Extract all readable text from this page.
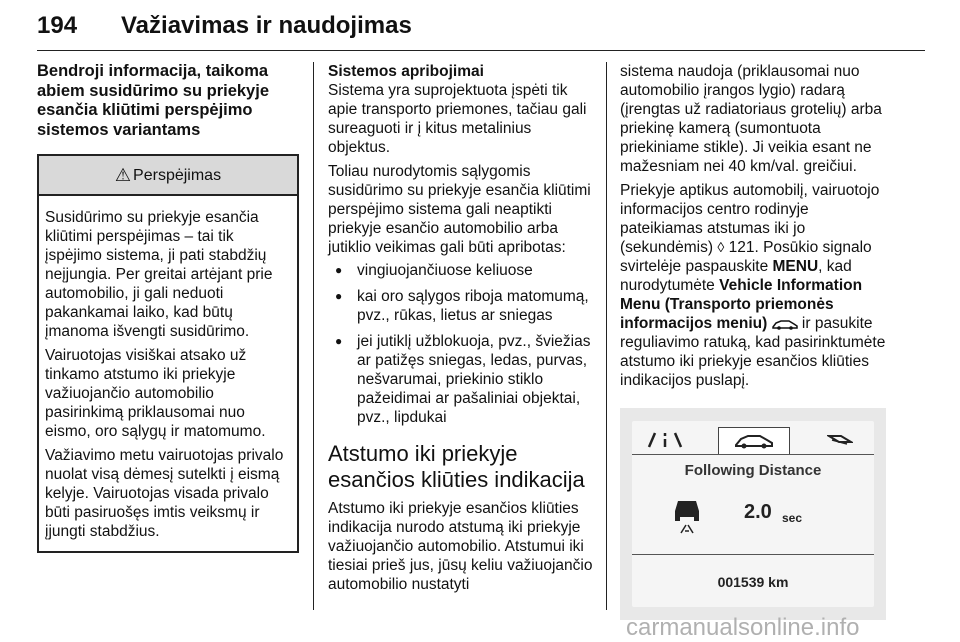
194 Važiavimas ir naudojimas
Bendroji informacija, taikoma abiem susidūrimo su priekyje esančia kliūtimi perspėjimo sistemos variantams
⚠ Perspėjimas

Susidūrimo su priekyje esančia kliūtimi perspėjimas – tai tik įspėjimo sistema, ji pati stabdžių neįjungia. Per greitai artėjant prie automobilio, ji gali neduoti pakankamai laiko, kad būtų įmanoma išvengti susidūrimo.

Vairuotojas visiškai atsako už tinkamo atstumo iki priekyje važiuojančio automobilio pasirinkimą priklausomai nuo eismo, oro sąlygų ir matomumo.

Važiavimo metu vairuotojas privalo nuolat visą dėmesį sutelkti į eismą kelyje. Vairuotojas visada privalo būti pasiruošęs imtis veiksmų ir įjungti stabdžius.

Sistemos apribojimai

Sistema yra suprojektuota įspėti tik apie transporto priemones, tačiau gali sureaguoti ir į kitus metalinius objektus.

Toliau nurodytomis sąlygomis susidūrimo su priekyje esančia kliūtimi perspėjimo sistema gali neaptikti priekyje esančio automobilio arba jutiklio veikimas gali būti apribotas:

● vingiuojančiuose keliuose
● kai oro sąlygos riboja matomumą, pvz., rūkas, lietus ar sniegas
● jei jutiklį užblokuoja, pvz., šviežias ar patižęs sniegas, ledas, purvas, nešvarumai, priekinio stiklo pažeidimai ar pašaliniai objektai, pvz., lipdukai
Atstumo iki priekyje esančios kliūties indikacija

Atstumo iki priekyje esančios kliūties indikacija nurodo atstumą iki priekyje važiuojančio automobilio. Atstumui iki tiesiai prieš jus, jūsų keliu važiuojančio automobilio nustatyti

sistema naudoja (priklausomai nuo automobilio įrangos lygio) radarą (įrengtas už radiatoriaus grotelių) arba priekinę kamerą (sumontuota priekiniame stikle). Ji veikia esant ne mažesniam nei 40 km/val. greičiui.

Priekyje aptikus automobilį, vairuotojo informacijos centro rodinyje pateikiamas atstumas iki jo (sekundėmis) ◊ 121. Posūkio signalo svirtelėje paspauskite MENU, kad nurodytumėte Vehicle Information Menu (Transporto priemonės informacijos meniu) ir pasukite reguliavimo ratuką, kad pasirinktumėte atstumo iki priekyje esančios kliūties indikacijos puslapį.

Following Distance
2.0 sec
001539 km
carmanualsonline.info
